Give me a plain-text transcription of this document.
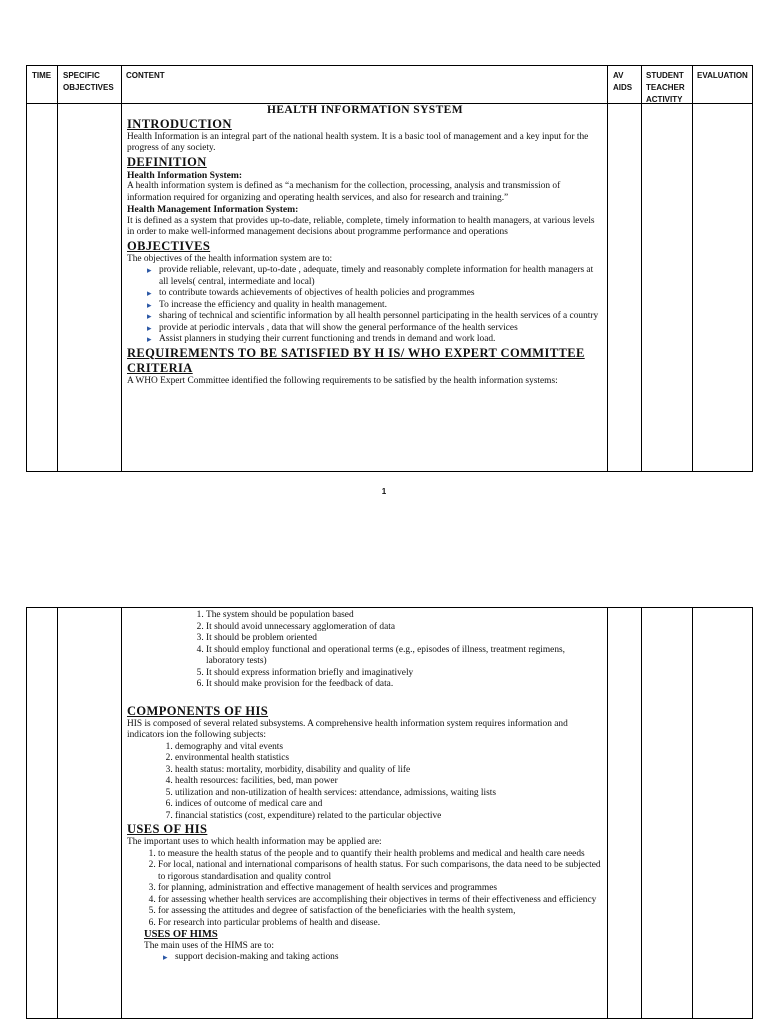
TIME SPECIFIC OBJECTIVES
CONTENT	AV AIDS
STUDENT TEACHER ACTIVITY
EVALUATION

HEALTH INFORMATION SYSTEM

INTRODUCTION

Health Information is an integral part of the national health system. It is a basic tool of management and a key input for the progress of any society.

DEFINITION

Health Information System:

A health information system is defined as “a mechanism for the collection, processing, analysis and transmission of information required for organizing and operating health services, and also for research and training.”

Health Management Information System:

It is defined as a system that provides up-to-date, reliable, complete, timely information to health managers, at various levels in order to make well-informed management decisions about programme performance and operations

OBJECTIVES

The objectives of the health information system are to:

▸ provide reliable, relevant, up-to-date , adequate, timely and reasonably complete information for health managers at all levels( central, intermediate and local)
▸ to contribute towards achievements of objectives of health policies and programmes
▸ To increase the efficiency and quality in health management.
▸ sharing of technical and scientific information by all health personnel participating in the health services of a country
▸ provide at periodic intervals , data that will show the general performance of the health services
▸ Assist planners in studying their current functioning and trends in demand and work load.

REQUIREMENTS TO BE SATISFIED BY H IS/ WHO EXPERT COMMITTEE CRITERIA

A WHO Expert Committee identified the following requirements to be satisfied by the health information systems:

1
1. The system should be population based
2. It should avoid unnecessary agglomeration of data
3. It should be problem oriented
4. It should employ functional and operational terms (e.g., episodes of illness, treatment regimens, laboratory tests)
5. It should express information briefly and imaginatively
6. It should make provision for the feedback of data.

COMPONENTS OF HIS

HIS is composed of several related subsystems. A comprehensive health information system requires information and indicators ion the following subjects:

1. demography and vital events
2. environmental health statistics
3. health status: mortality, morbidity, disability and quality of life
4. health resources: facilities, bed, man power
5. utilization and non-utilization of health services: attendance, admissions, waiting lists
6. indices of outcome of medical care and
7. financial statistics (cost, expenditure) related to the particular objective

USES OF HIS

The important uses to which health information may be applied are:

1. to measure the health status of the people and to quantify their health problems and medical and health care needs
2. For local, national and international comparisons of health status. For such comparisons, the data need to be subjected to rigorous standardisation and quality control
3. for planning, administration and effective management of health services and programmes
4. for assessing whether health services are accomplishing their objectives in terms of their effectiveness and efficiency
5. for assessing the attitudes and degree of satisfaction of the beneficiaries with the health system,
6. For research into particular problems of health and disease.

USES OF HIMS

The main uses of the HIMS are to:

▸ support decision-making and taking actions
